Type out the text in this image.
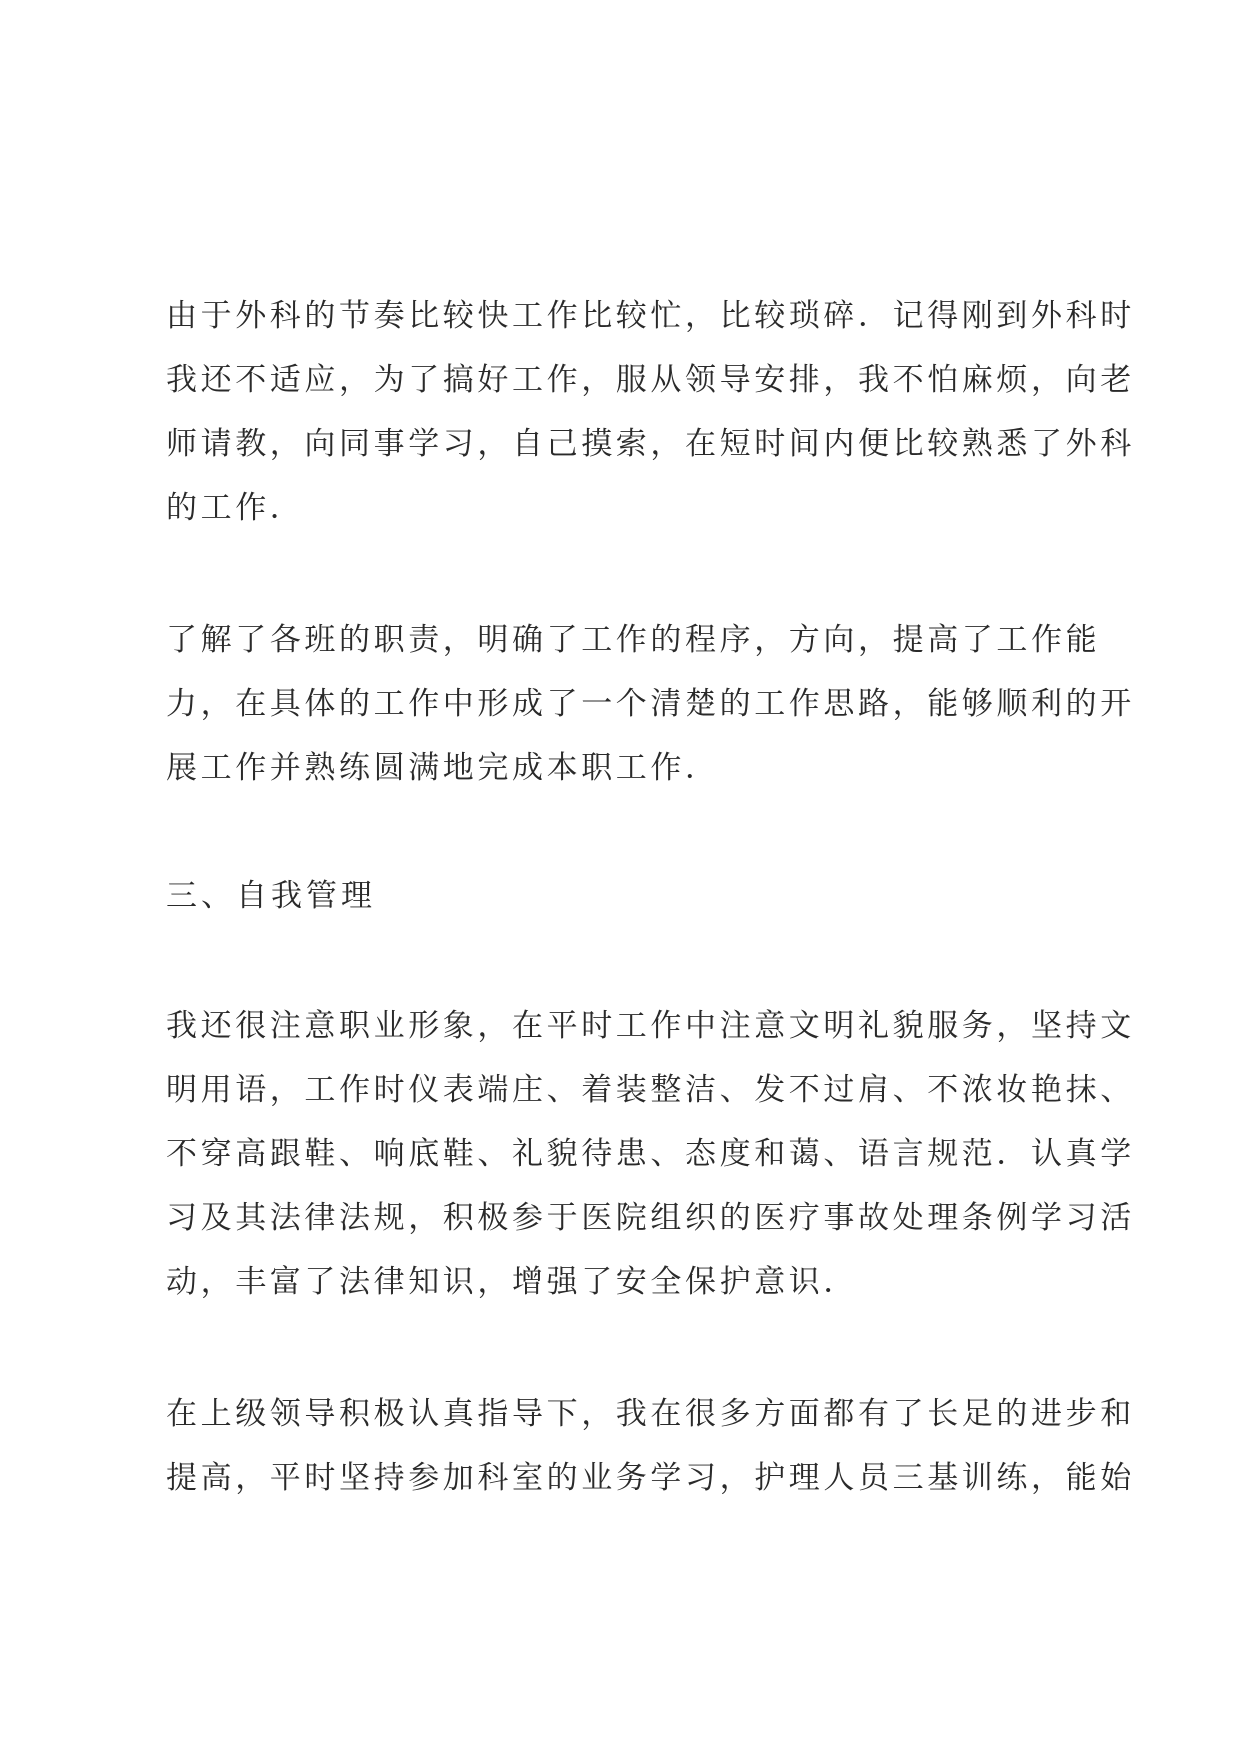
由于外科的节奏比较快工作比较忙，比较琐碎．记得刚到外科时
我还不适应，为了搞好工作，服从领导安排，我不怕麻烦，向老
师请教，向同事学习，自己摸索，在短时间内便比较熟悉了外科
的工作．
了解了各班的职责，明确了工作的程序，方向，提高了工作能
力，在具体的工作中形成了一个清楚的工作思路，能够顺利的开
展工作并熟练圆满地完成本职工作．
三、自我管理
我还很注意职业形象，在平时工作中注意文明礼貌服务，坚持文
明用语，工作时仪表端庄、着装整洁、发不过肩、不浓妆艳抹、
不穿高跟鞋、响底鞋、礼貌待患、态度和蔼、语言规范．认真学
习及其法律法规，积极参于医院组织的医疗事故处理条例学习活
动，丰富了法律知识，增强了安全保护意识．
在上级领导积极认真指导下，我在很多方面都有了长足的进步和
提高，平时坚持参加科室的业务学习，护理人员三基训练，能始
